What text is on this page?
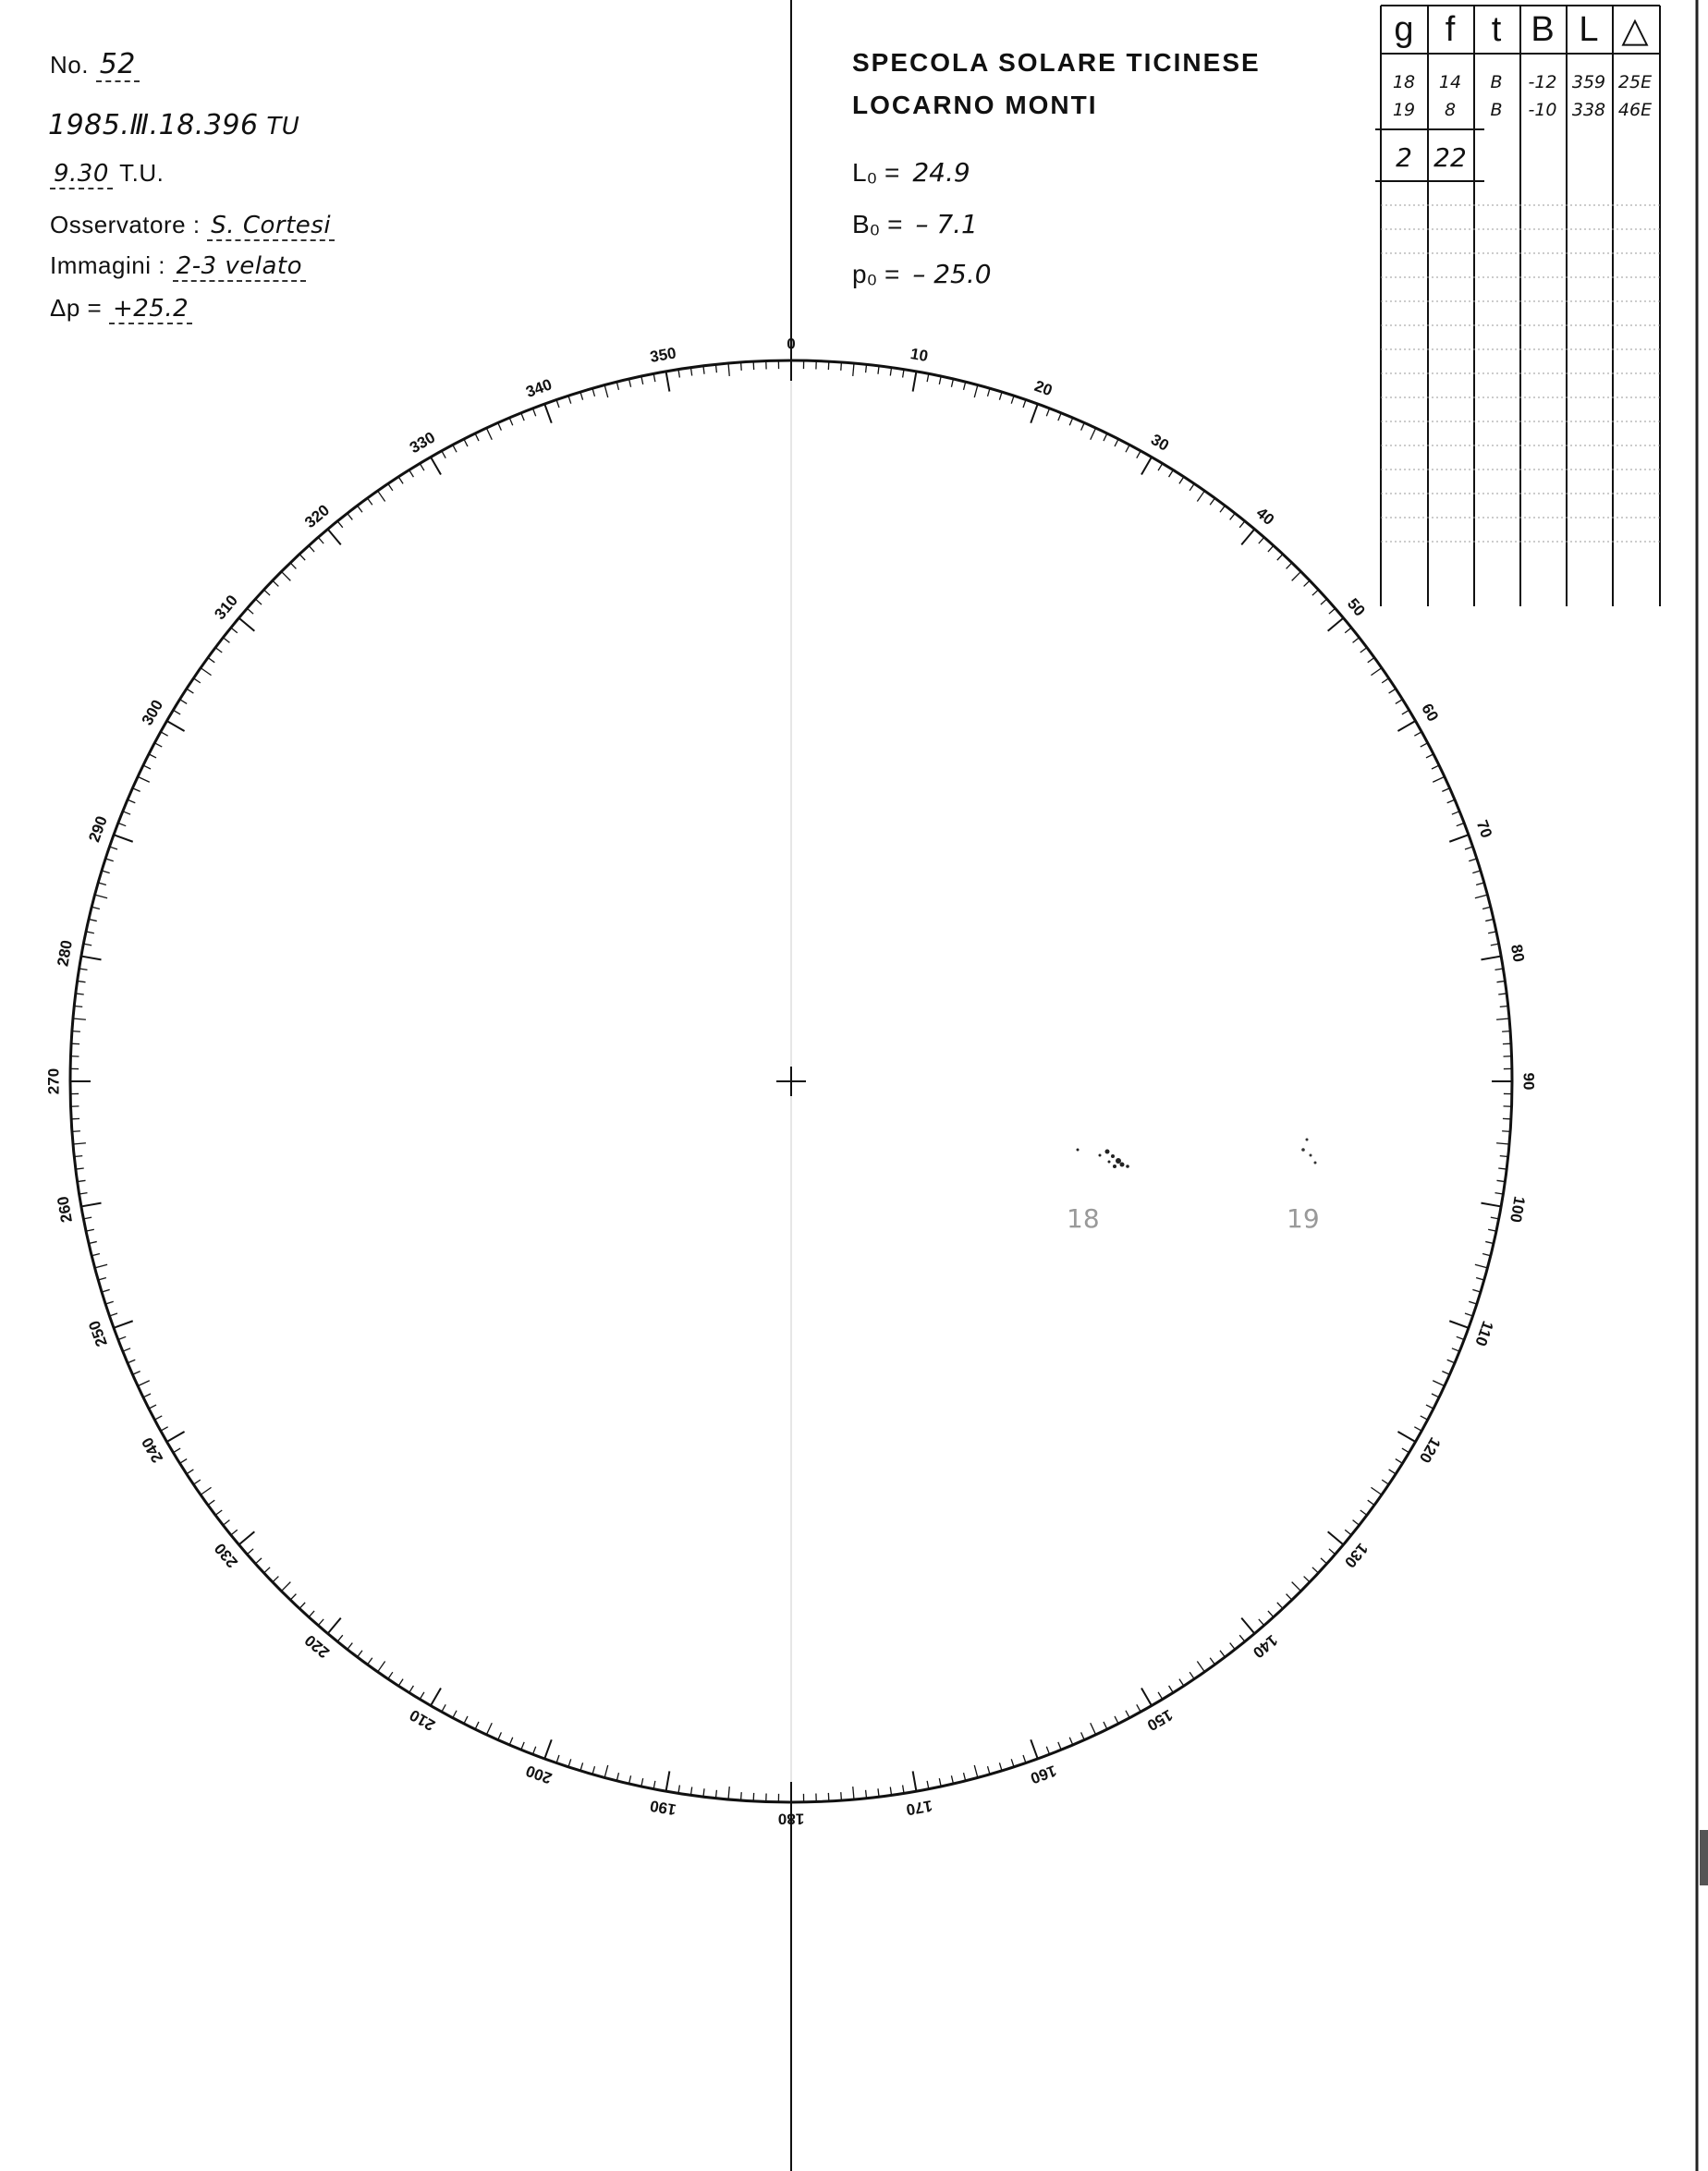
No. 52
1985.Ⅲ.18.396 TU
9.30 T.U.
Osservatore : S. Cortesi
Immagini : 2-3 velato
Δp = +25.2
SPECOLA SOLARE TICINESE
LOCARNO MONTI
L₀ = 24.9
B₀ = – 7.1
p₀ = – 25.0
0
10
20
30
40
50
60
70
80
90
100
110
120
130
140
150
160
170
180
190
200
210
220
230
240
250
260
270
280
290
300
310
320
330
340
350
g f	t B L △
18	14	B	-12 359 25E
19	8	B	-10 338 46E
2 22
18	19
